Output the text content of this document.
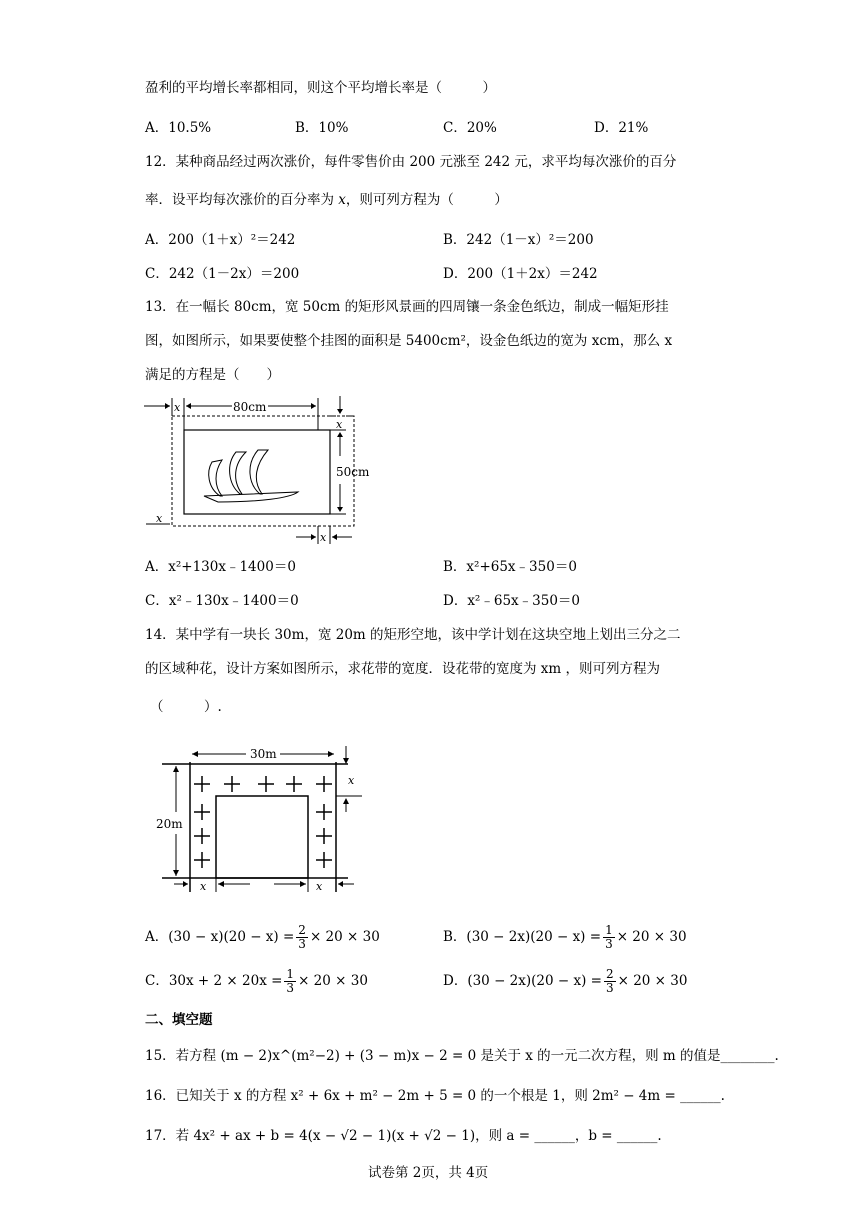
盈利的平均增长率都相同，则这个平均增长率是（　　　）
A．10.5%	B．10%	C．20%	D．21%
12．某种商品经过两次涨价，每件零售价由 200 元涨至 242 元，求平均每次涨价的百分
率．设平均每次涨价的百分率为 x，则可列方程为（　　　）
A．200（1＋x）²＝242	B．242（1－x）²＝200
C．242（1－2x）＝200	D．200（1＋2x）＝242
13．在一幅长 80cm，宽 50cm 的矩形风景画的四周镶一条金色纸边，制成一幅矩形挂
图，如图所示，如果要使整个挂图的面积是 5400cm²，设金色纸边的宽为 xcm，那么 x
满足的方程是（　　）
80cm
x
x
50cm
x
x
A．x²+130x﹣1400＝0	B．x²+65x﹣350＝0
C．x²﹣130x﹣1400＝0	D．x²﹣65x﹣350＝0
14．某中学有一块长 30m，宽 20m 的矩形空地，该中学计划在这块空地上划出三分之二
的区域种花，设计方案如图所示，求花带的宽度．设花带的宽度为 xm ，则可列方程为
（　　　）.
30m
20m
x
x	x
A．$(30 - x)(20 - x) = \frac{2}{3} \times 20 \times 30$	B．$(30 - 2x)(20 - x) = \frac{1}{3} \times 20 \times 30$
C．$30x + 2 \times 20x = \frac{1}{3} \times 20 \times 30$	D．$(30 - 2x)(20 - x) = \frac{2}{3} \times 20 \times 30$
二、填空题
15．若方程 (m − 2)x^(m²−2) + (3 − m)x − 2 = 0 是关于 x 的一元二次方程，则 m 的值是________.
16．已知关于 x 的方程 x² + 6x + m² − 2m + 5 = 0 的一个根是 1，则 2m² − 4m = ______.
17．若 4x² + ax + b = 4(x − √2 − 1)(x + √2 − 1)，则 a = ______，b = ______.
试卷第 2页，共 4页
